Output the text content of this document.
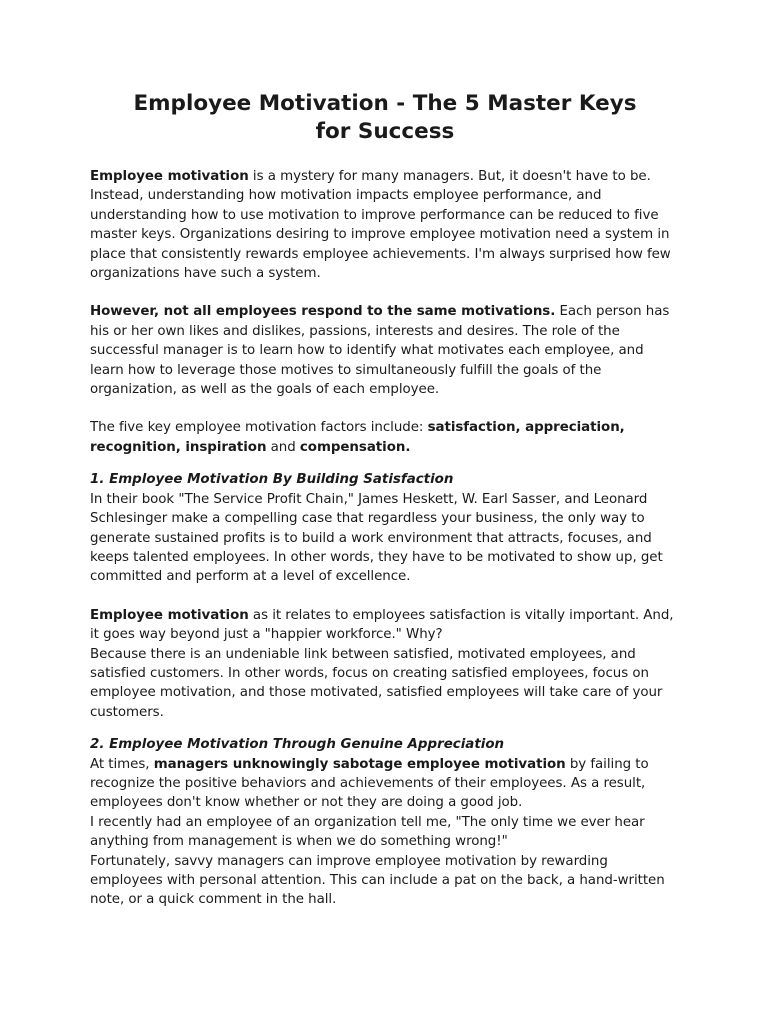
Employee Motivation - The 5 Master Keys
for Success

Employee motivation is a mystery for many managers. But, it doesn't have to be. Instead, understanding how motivation impacts employee performance, and understanding how to use motivation to improve performance can be reduced to five master keys. Organizations desiring to improve employee motivation need a system in place that consistently rewards employee achievements. I'm always surprised how few organizations have such a system.

However, not all employees respond to the same motivations. Each person has his or her own likes and dislikes, passions, interests and desires. The role of the successful manager is to learn how to identify what motivates each employee, and learn how to leverage those motives to simultaneously fulfill the goals of the organization, as well as the goals of each employee.

The five key employee motivation factors include: satisfaction, appreciation, recognition, inspiration and compensation.

1. Employee Motivation By Building Satisfaction

In their book "The Service Profit Chain," James Heskett, W. Earl Sasser, and Leonard Schlesinger make a compelling case that regardless your business, the only way to generate sustained profits is to build a work environment that attracts, focuses, and keeps talented employees. In other words, they have to be motivated to show up, get committed and perform at a level of excellence.

Employee motivation as it relates to employees satisfaction is vitally important. And, it goes way beyond just a "happier workforce." Why?

Because there is an undeniable link between satisfied, motivated employees, and satisfied customers. In other words, focus on creating satisfied employees, focus on employee motivation, and those motivated, satisfied employees will take care of your customers.

2. Employee Motivation Through Genuine Appreciation

At times, managers unknowingly sabotage employee motivation by failing to recognize the positive behaviors and achievements of their employees. As a result, employees don't know whether or not they are doing a good job.

I recently had an employee of an organization tell me, "The only time we ever hear anything from management is when we do something wrong!"

Fortunately, savvy managers can improve employee motivation by rewarding employees with personal attention. This can include a pat on the back, a hand-written note, or a quick comment in the hall.
